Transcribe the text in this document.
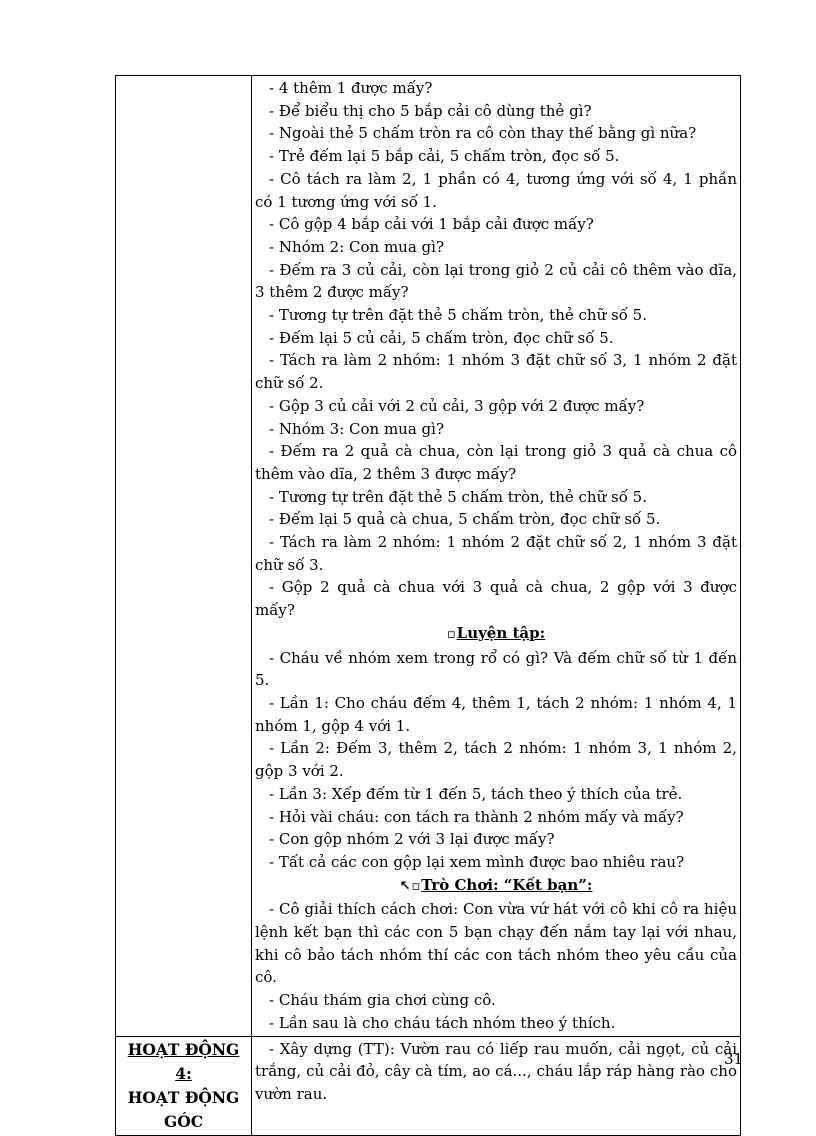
- 4 thêm 1 được mấy?

- Để biểu thị cho 5 bắp cải cô dùng thẻ gì?

- Ngoài thẻ 5 chấm tròn ra cô còn thay thế bằng gì nữa?

- Trẻ đếm lại 5 bắp cải, 5 chấm tròn, đọc số 5.

- Cô tách ra làm 2, 1 phần có 4, tương ứng với số 4, 1 phần có 1 tương ứng với số 1.

- Cô gộp 4 bắp cải với 1 bắp cải được mấy?

- Nhóm 2: Con mua gì?

- Đếm ra 3 củ cải, còn lại trong giỏ 2 củ cải cô thêm vào dĩa, 3 thêm 2 được mấy?

- Tương tự trên đặt thẻ 5 chấm tròn, thẻ chữ số 5.

- Đếm lại 5 củ cải, 5 chấm tròn, đọc chữ số 5.

- Tách ra làm 2 nhóm: 1 nhóm 3 đặt chữ số 3, 1 nhóm 2 đặt chữ số 2.

- Gộp 3 củ cải với 2 củ cải, 3 gộp với 2 được mấy?

- Nhóm 3: Con mua gì?

- Đếm ra 2 quả cà chua, còn lại trong giỏ 3 quả cà chua cô thêm vào dĩa, 2 thêm 3 được mấy?

- Tương tự trên đặt thẻ 5 chấm tròn, thẻ chữ số 5.

- Đếm lại 5 quả cà chua, 5 chấm tròn, đọc chữ số 5.

- Tách ra làm 2 nhóm: 1 nhóm 2 đặt chữ số 2, 1 nhóm 3 đặt chữ số 3.

- Gộp 2 quả cà chua với 3 quả cà chua, 2 gộp với 3 được mấy?

▫Luyện tập:

- Cháu về nhóm xem trong rổ có gì? Và đếm chữ số từ 1 đến 5.

- Lần 1: Cho cháu đếm 4, thêm 1, tách 2 nhóm: 1 nhóm 4, 1 nhóm 1, gộp 4 với 1.

- Lần 2: Đếm 3, thêm 2, tách 2 nhóm: 1 nhóm 3, 1 nhóm 2, gộp 3 với 2.

- Lần 3: Xếp đếm từ 1 đến 5, tách theo ý thích của trẻ.

- Hỏi vài cháu: con tách ra thành 2 nhóm mấy và mấy?

- Con gộp nhóm 2 với 3 lại được mấy?

- Tất cả các con gộp lại xem mình được bao nhiêu rau?

↖▫Trò Chơi: “Kết bạn”:

- Cô giải thích cách chơi: Con vừa vứ hát với cô khi cô ra hiệu lệnh kết bạn thì các con 5 bạn chạy đến nắm tay lại với nhau, khi cô bảo tách nhóm thí các con tách nhóm theo yêu cầu của cô.

- Cháu thám gia chơi cùng cô.

- Lần sau là cho cháu tách nhóm theo ý thích.

HOẠT ĐỘNG 4:
HOẠT ĐỘNG
GÓC

- Xây dựng (TT): Vườn rau có liếp rau muốn, cải ngọt, củ cải trắng, củ cải đỏ, cây cà tím, ao cá..., cháu lắp ráp hàng rào cho vườn rau.

31
